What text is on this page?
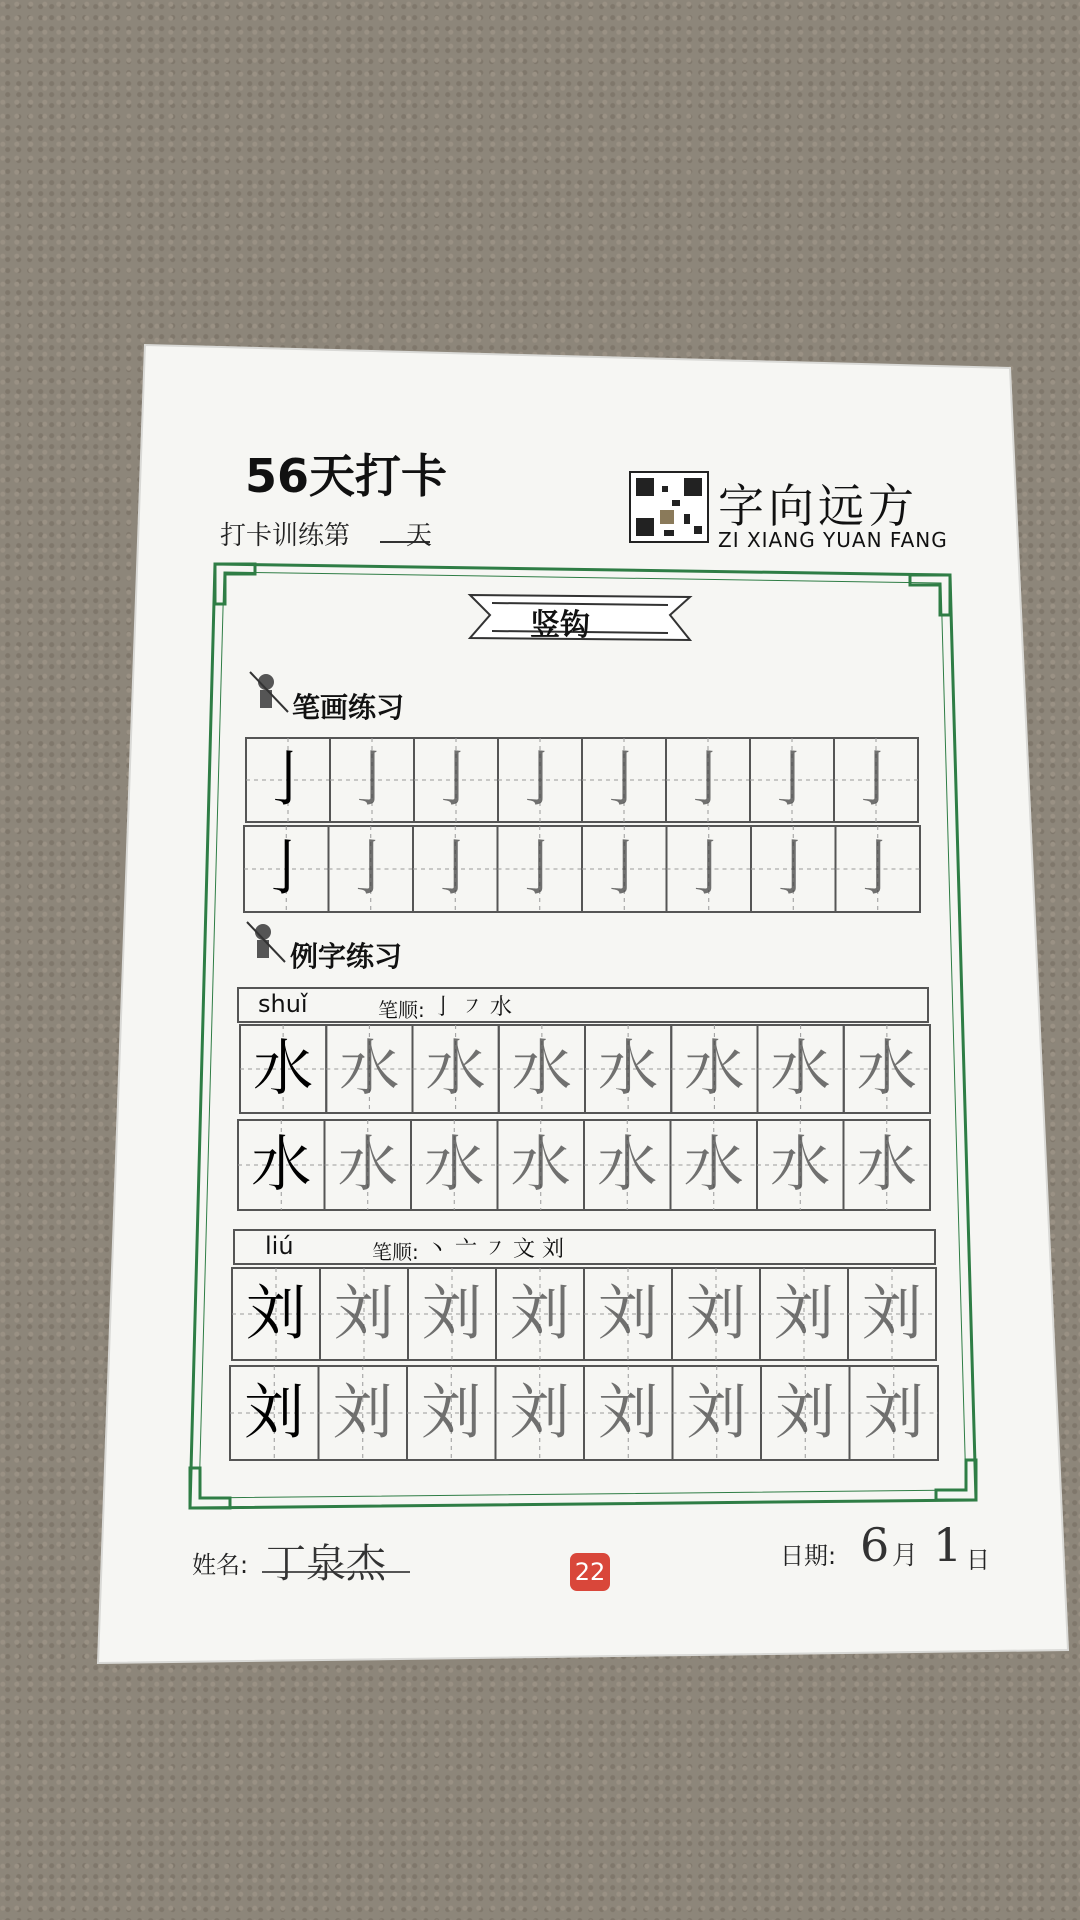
56天打卡
打卡训练第 天
字向远方
ZI XIANG YUAN FANG
竖钩
笔画练习
例字练习
shuǐ	笔顺: 亅 ㇇ 水
liú	笔顺: 丶 亠 ㇇ 文 刘
亅 亅 亅 亅 亅 亅 亅 亅
亅 亅 亅 亅 亅 亅 亅 亅
水 水 水 水 水 水 水 水
水 水 水 水 水 水 水 水
刘 刘 刘 刘 刘 刘 刘 刘
刘 刘 刘 刘 刘 刘 刘 刘
姓名: 丁泉杰	22
日期: 6 月 1 日
